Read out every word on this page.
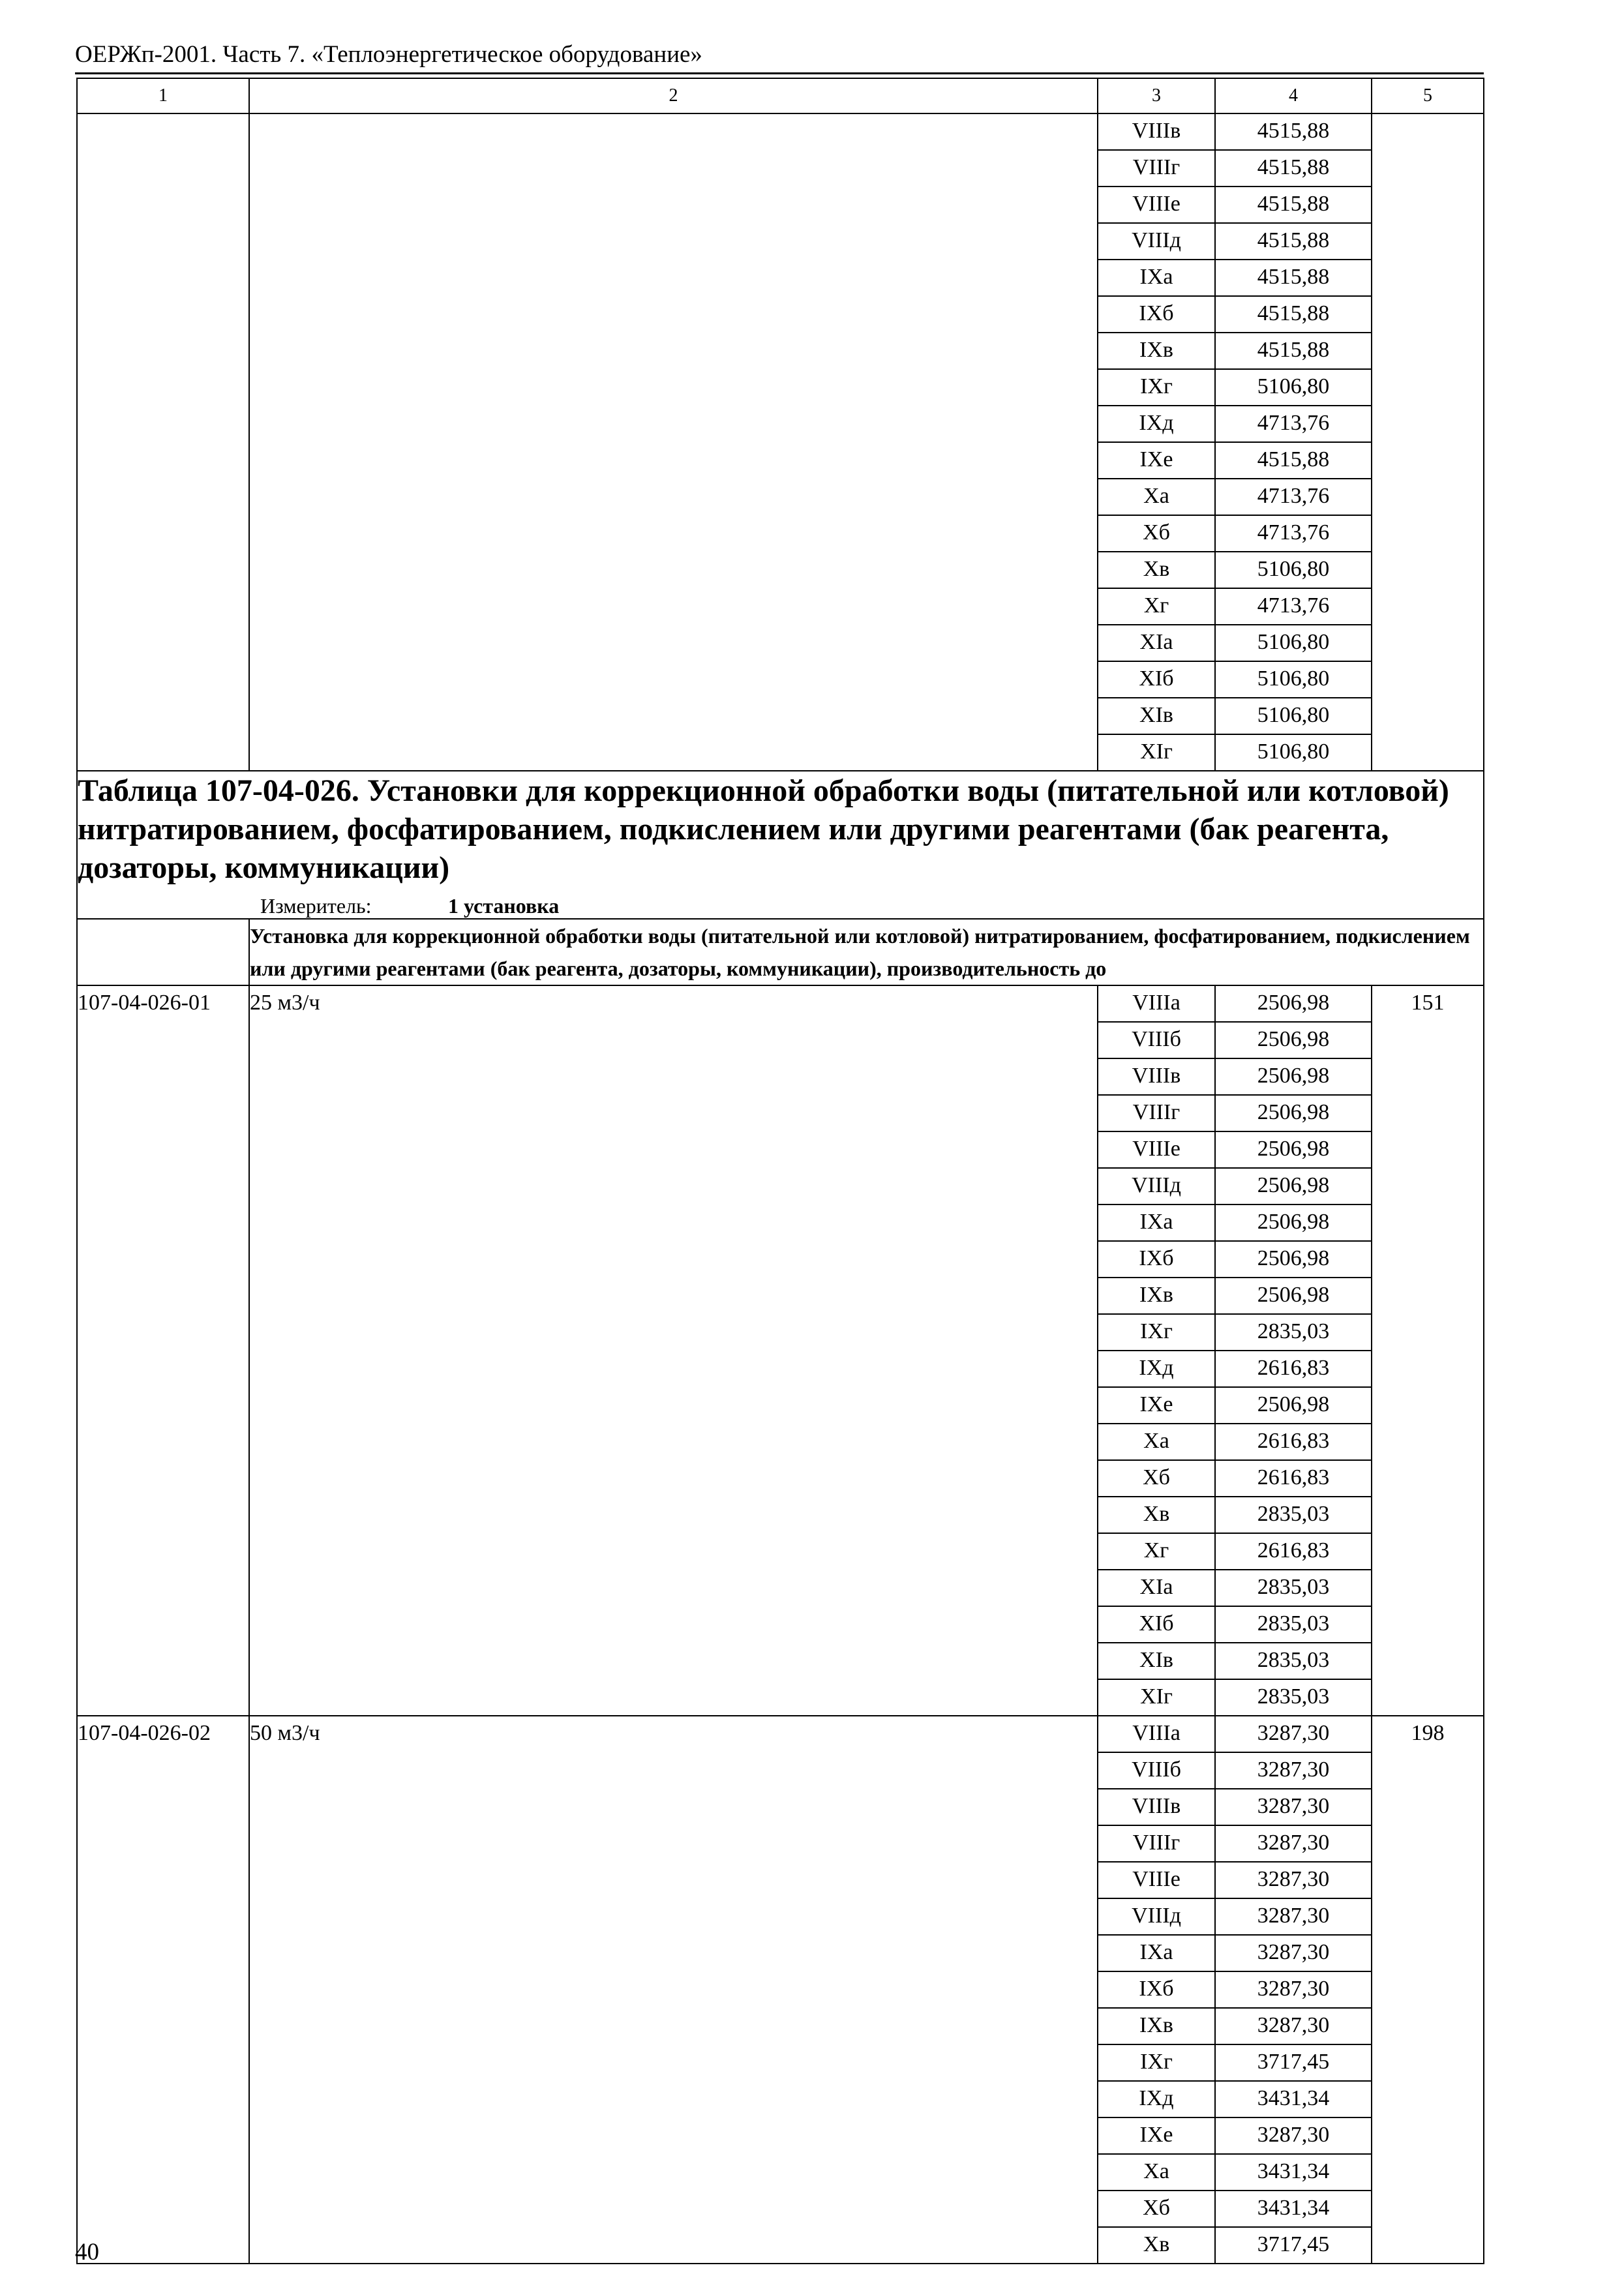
ОЕРЖп-2001. Часть 7. «Теплоэнергетическое оборудование»
1	2	3	4	5
		VIIIв	4515,88	
		VIIIг	4515,88	
		VIIIе	4515,88	
		VIIIд	4515,88	
		IХа	4515,88	
		IХб	4515,88	
		IХв	4515,88	
		IХг	5106,80	
		IХд	4713,76	
		IХе	4515,88	
		Ха	4713,76	
		Хб	4713,76	
		Хв	5106,80	
		Хг	4713,76	
		ХIа	5106,80	
		ХIб	5106,80	
		ХIв	5106,80	
		ХIг	5106,80	

Таблица 107-04-026. Установки для коррекционной обработки воды (питательной или котловой) нитратированием, фосфатированием, подкислением или другими реагентами (бак реагента, дозаторы, коммуникации)
Измеритель: 1 установка				

	Установка для коррекционной обработки воды (питательной или котловой) нитратированием, фосфатированием, подкислением или другими реагентами (бак реагента, дозаторы, коммуникации), производительность до			
107-04-026-01	25 м3/ч	VIIIа	2506,98	151
		VIIIб	2506,98	
		VIIIв	2506,98	
		VIIIг	2506,98	
		VIIIе	2506,98	
		VIIIд	2506,98	
		IХа	2506,98	
		IХб	2506,98	
		IХв	2506,98	
		IХг	2835,03	
		IХд	2616,83	
		IХе	2506,98	
		Ха	2616,83	
		Хб	2616,83	
		Хв	2835,03	
		Хг	2616,83	
		ХIа	2835,03	
		ХIб	2835,03	
		ХIв	2835,03	
		ХIг	2835,03	
107-04-026-02	50 м3/ч	VIIIа	3287,30	198
		VIIIб	3287,30	
		VIIIв	3287,30	
		VIIIг	3287,30	
		VIIIе	3287,30	
		VIIIд	3287,30	
		IХа	3287,30	
		IХб	3287,30	
		IХв	3287,30	
		IХг	3717,45	
		IХд	3431,34	
		IХе	3287,30	
		Ха	3431,34	
		Хб	3431,34	
		Хв	3717,45	
40
